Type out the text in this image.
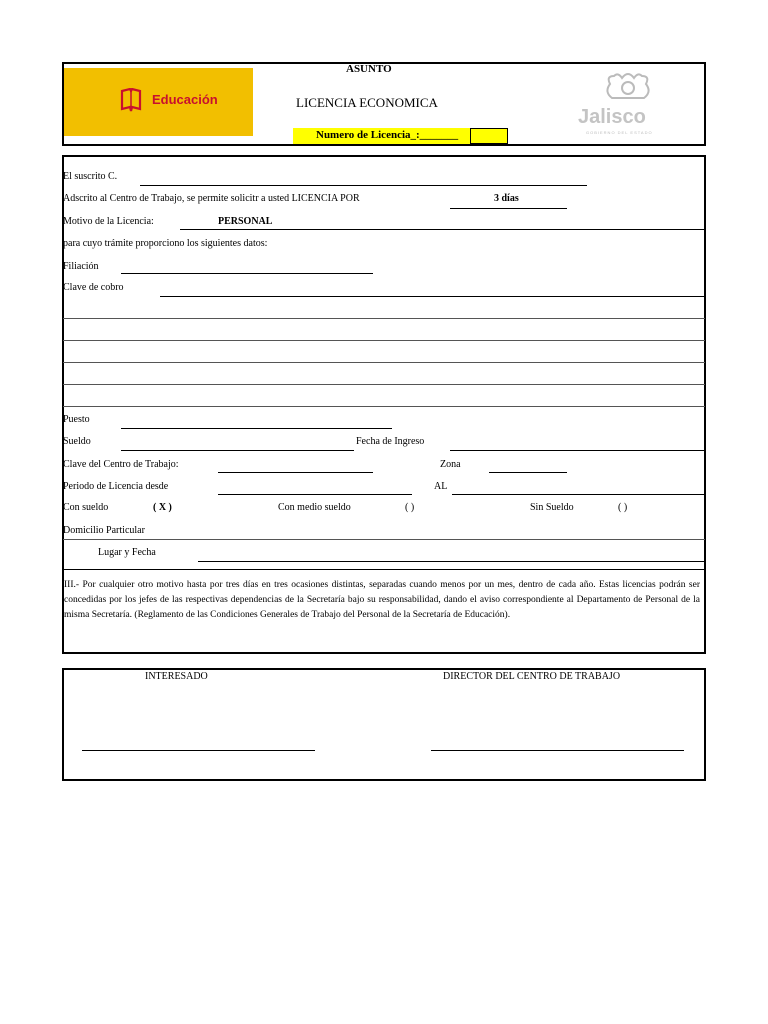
Educación
ASUNTO
LICENCIA ECONOMICA
Numero de Licencia_:_______
Jalisco
GOBIERNO DEL ESTADO
El suscrito C.
Adscrito al Centro de Trabajo, se permite solicitr a usted LICENCIA POR	3 días
Motivo de la Licencia:	PERSONAL
para cuyo trámite proporciono los siguientes datos:
Filiación
Clave de cobro
Puesto
Sueldo	Fecha de Ingreso
Clave del Centro de Trabajo:	Zona
Periodo de Licencia desde	AL
Con sueldo	( X )	Con medio sueldo	( )	Sin Sueldo	( )
Domicilio Particular
Lugar y Fecha
III.- Por cualquier otro motivo hasta por tres días en tres ocasiones distintas, separadas cuando menos por un mes, dentro de cada año. Estas licencias podrán ser concedidas por los jefes de las respectivas dependencias de la Secretaría bajo su responsabilidad, dando el aviso correspondiente al Departamento de Personal de la misma Secretaría. (Reglamento de las Condiciones Generales de Trabajo del Personal de la Secretaría de Educación).
INTERESADO	DIRECTOR DEL CENTRO DE TRABAJO
